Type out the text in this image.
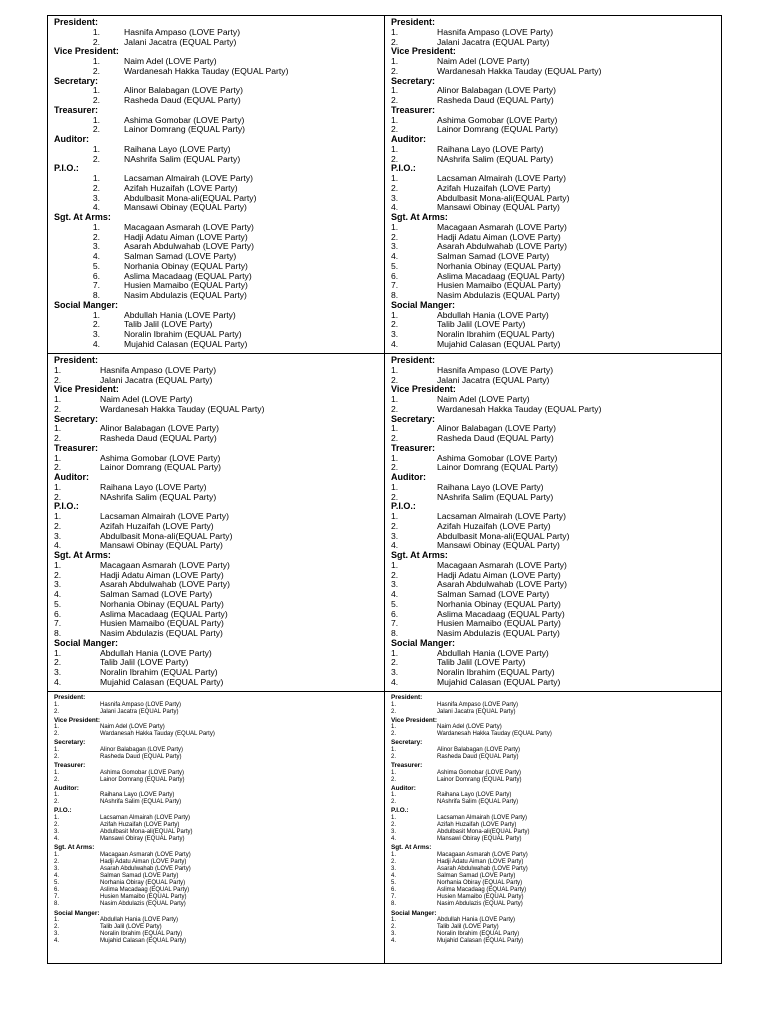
President:
1.	Hasnifa Ampaso (LOVE Party)
2.	Jalani Jacatra (EQUAL Party)
Vice President:
1.	Naim Adel (LOVE Party)
2.	Wardanesah Hakka Tauday (EQUAL Party)
Secretary:
1.	Alinor Balabagan (LOVE Party)
2.	Rasheda Daud (EQUAL Party)
Treasurer:
1.	Ashima Gomobar (LOVE Party)
2.	Lainor Domrang (EQUAL Party)
Auditor:
1.	Raihana Layo (LOVE Party)
2.	NAshrifa Salim (EQUAL Party)
P.I.O.:
1.	Lacsaman Almairah (LOVE Party)
2.	Azifah Huzaifah (LOVE Party)
3.	Abdulbasit Mona-ali(EQUAL Party)
4.	Mansawi Obinay (EQUAL Party)
Sgt. At Arms:
1.	Macagaan Asmarah (LOVE Party)
2.	Hadji Adatu Aiman (LOVE Party)
3.	Asarah Abdulwahab (LOVE Party)
4.	Salman Samad (LOVE Party)
5.	Norhania Obinay (EQUAL Party)
6.	Aslima Macadaag (EQUAL Party)
7.	Husien Mamaibo (EQUAL Party)
8.	Nasim Abdulazis (EQUAL Party)
Social Manger:
1.	Abdullah Hania (LOVE Party)
2.	Talib Jalil (LOVE Party)
3.	Noralin Ibrahim (EQUAL Party)
4.	Mujahid Calasan (EQUAL Party)
President:
1.	Hasnifa Ampaso (LOVE Party)
2.	Jalani Jacatra (EQUAL Party)
Vice President:
1.	Naim Adel (LOVE Party)
2.	Wardanesah Hakka Tauday (EQUAL Party)
Secretary:
1.	Alinor Balabagan (LOVE Party)
2.	Rasheda Daud (EQUAL Party)
Treasurer:
1.	Ashima Gomobar (LOVE Party)
2.	Lainor Domrang (EQUAL Party)
Auditor:
1.	Raihana Layo (LOVE Party)
2.	NAshrifa Salim (EQUAL Party)
P.I.O.:
1.	Lacsaman Almairah (LOVE Party)
2.	Azifah Huzaifah (LOVE Party)
3.	Abdulbasit Mona-ali(EQUAL Party)
4.	Mansawi Obinay (EQUAL Party)
Sgt. At Arms:
1.	Macagaan Asmarah (LOVE Party)
2.	Hadji Adatu Aiman (LOVE Party)
3.	Asarah Abdulwahab (LOVE Party)
4.	Salman Samad (LOVE Party)
5.	Norhania Obinay (EQUAL Party)
6.	Aslima Macadaag (EQUAL Party)
7.	Husien Mamaibo (EQUAL Party)
8.	Nasim Abdulazis (EQUAL Party)
Social Manger:
1.	Abdullah Hania (LOVE Party)
2.	Talib Jalil (LOVE Party)
3.	Noralin Ibrahim (EQUAL Party)
4.	Mujahid Calasan (EQUAL Party)
President:
1.	Hasnifa Ampaso (LOVE Party)
2.	Jalani Jacatra (EQUAL Party)
Vice President:
1.	Naim Adel (LOVE Party)
2.	Wardanesah Hakka Tauday (EQUAL Party)
Secretary:
1.	Alinor Balabagan (LOVE Party)
2.	Rasheda Daud (EQUAL Party)
Treasurer:
1.	Ashima Gomobar (LOVE Party)
2.	Lainor Domrang (EQUAL Party)
Auditor:
1.	Raihana Layo (LOVE Party)
2.	NAshrifa Salim (EQUAL Party)
P.I.O.:
1.	Lacsaman Almairah (LOVE Party)
2.	Azifah Huzaifah (LOVE Party)
3.	Abdulbasit Mona-ali(EQUAL Party)
4.	Mansawi Obinay (EQUAL Party)
Sgt. At Arms:
1.	Macagaan Asmarah (LOVE Party)
2.	Hadji Adatu Aiman (LOVE Party)
3.	Asarah Abdulwahab (LOVE Party)
4.	Salman Samad (LOVE Party)
5.	Norhania Obinay (EQUAL Party)
6.	Aslima Macadaag (EQUAL Party)
7.	Husien Mamaibo (EQUAL Party)
8.	Nasim Abdulazis (EQUAL Party)
Social Manger:
1.	Abdullah Hania (LOVE Party)
2.	Talib Jalil (LOVE Party)
3.	Noralin Ibrahim (EQUAL Party)
4.	Mujahid Calasan (EQUAL Party)
President:
1.	Hasnifa Ampaso (LOVE Party)
2.	Jalani Jacatra (EQUAL Party)
Vice President:
1.	Naim Adel (LOVE Party)
2.	Wardanesah Hakka Tauday (EQUAL Party)
Secretary:
1.	Alinor Balabagan (LOVE Party)
2.	Rasheda Daud (EQUAL Party)
Treasurer:
1.	Ashima Gomobar (LOVE Party)
2.	Lainor Domrang (EQUAL Party)
Auditor:
1.	Raihana Layo (LOVE Party)
2.	NAshrifa Salim (EQUAL Party)
P.I.O.:
1.	Lacsaman Almairah (LOVE Party)
2.	Azifah Huzaifah (LOVE Party)
3.	Abdulbasit Mona-ali(EQUAL Party)
4.	Mansawi Obinay (EQUAL Party)
Sgt. At Arms:
1.	Macagaan Asmarah (LOVE Party)
2.	Hadji Adatu Aiman (LOVE Party)
3.	Asarah Abdulwahab (LOVE Party)
4.	Salman Samad (LOVE Party)
5.	Norhania Obinay (EQUAL Party)
6.	Aslima Macadaag (EQUAL Party)
7.	Husien Mamaibo (EQUAL Party)
8.	Nasim Abdulazis (EQUAL Party)
Social Manger:
1.	Abdullah Hania (LOVE Party)
2.	Talib Jalil (LOVE Party)
3.	Noralin Ibrahim (EQUAL Party)
4.	Mujahid Calasan (EQUAL Party)
President:
1.	Hasnifa Ampaso (LOVE Party)
2.	Jalani Jacatra (EQUAL Party)
Vice President:
1.	Naim Adel (LOVE Party)
2.	Wardanesah Hakka Tauday (EQUAL Party)
Secretary:
1.	Alinor Balabagan (LOVE Party)
2.	Rasheda Daud (EQUAL Party)
Treasurer:
1.	Ashima Gomobar (LOVE Party)
2.	Lainor Domrang (EQUAL Party)
Auditor:
1.	Raihana Layo (LOVE Party)
2.	NAshrifa Salim (EQUAL Party)
P.I.O.:
1.	Lacsaman Almairah (LOVE Party)
2.	Azifah Huzaifah (LOVE Party)
3.	Abdulbasit Mona-ali(EQUAL Party)
4.	Mansawi Obiray (EQUAL Party)
Sgt. At Arms:
1.	Macagaan Asmarah (LOVE Party)
2.	Hadji Adatu Aiman (LOVE Party)
3.	Asarah Abdulwahab (LOVE Party)
4.	Salman Samad (LOVE Party)
5.	Norhania Obiray (EQUAL Party)
6.	Aslima Macadaag (EQUAL Party)
7.	Husien Mamaibo (EQUAL Party)
8.	Nasim Abdulazis (EQUAL Party)
Social Manger:
1.	Abdullah Hania (LOVE Party)
2.	Talib Jalil (LOVE Party)
3.	Noralin Ibrahim (EQUAL Party)
4.	Mujahid Calasan (EQUAL Party)
President:
1.	Hasnifa Ampaso (LOVE Party)
2.	Jalani Jacatra (EQUAL Party)
Vice President:
1.	Naim Adel (LOVE Party)
2.	Wardanesah Hakka Tauday (EQUAL Party)
Secretary:
1.	Alinor Balabagan (LOVE Party)
2.	Rasheda Daud (EQUAL Party)
Treasurer:
1.	Ashima Gomobar (LOVE Party)
2.	Lainor Domrang (EQUAL Party)
Auditor:
1.	Raihana Layo (LOVE Party)
2.	NAshrifa Salim (EQUAL Party)
P.I.O.:
1.	Lacsaman Almairah (LOVE Party)
2.	Azifah Huzaifah (LOVE Party)
3.	Abdulbasit Mona-ali(EQUAL Party)
4.	Mansawi Obiray (EQUAL Party)
Sgt. At Arms:
1.	Macagaan Asmarah (LOVE Party)
2.	Hadji Adatu Aiman (LOVE Party)
3.	Asarah Abdulwahab (LOVE Party)
4.	Salman Samad (LOVE Party)
5.	Norhania Obiray (EQUAL Party)
6.	Aslima Macadaag (EQUAL Party)
7.	Husien Mamaibo (EQUAL Party)
8.	Nasim Abdulazis (EQUAL Party)
Social Manger:
1.	Abdullah Hania (LOVE Party)
2.	Talib Jalil (LOVE Party)
3.	Noralin Ibrahim (EQUAL Party)
4.	Mujahid Calasan (EQUAL Party)
